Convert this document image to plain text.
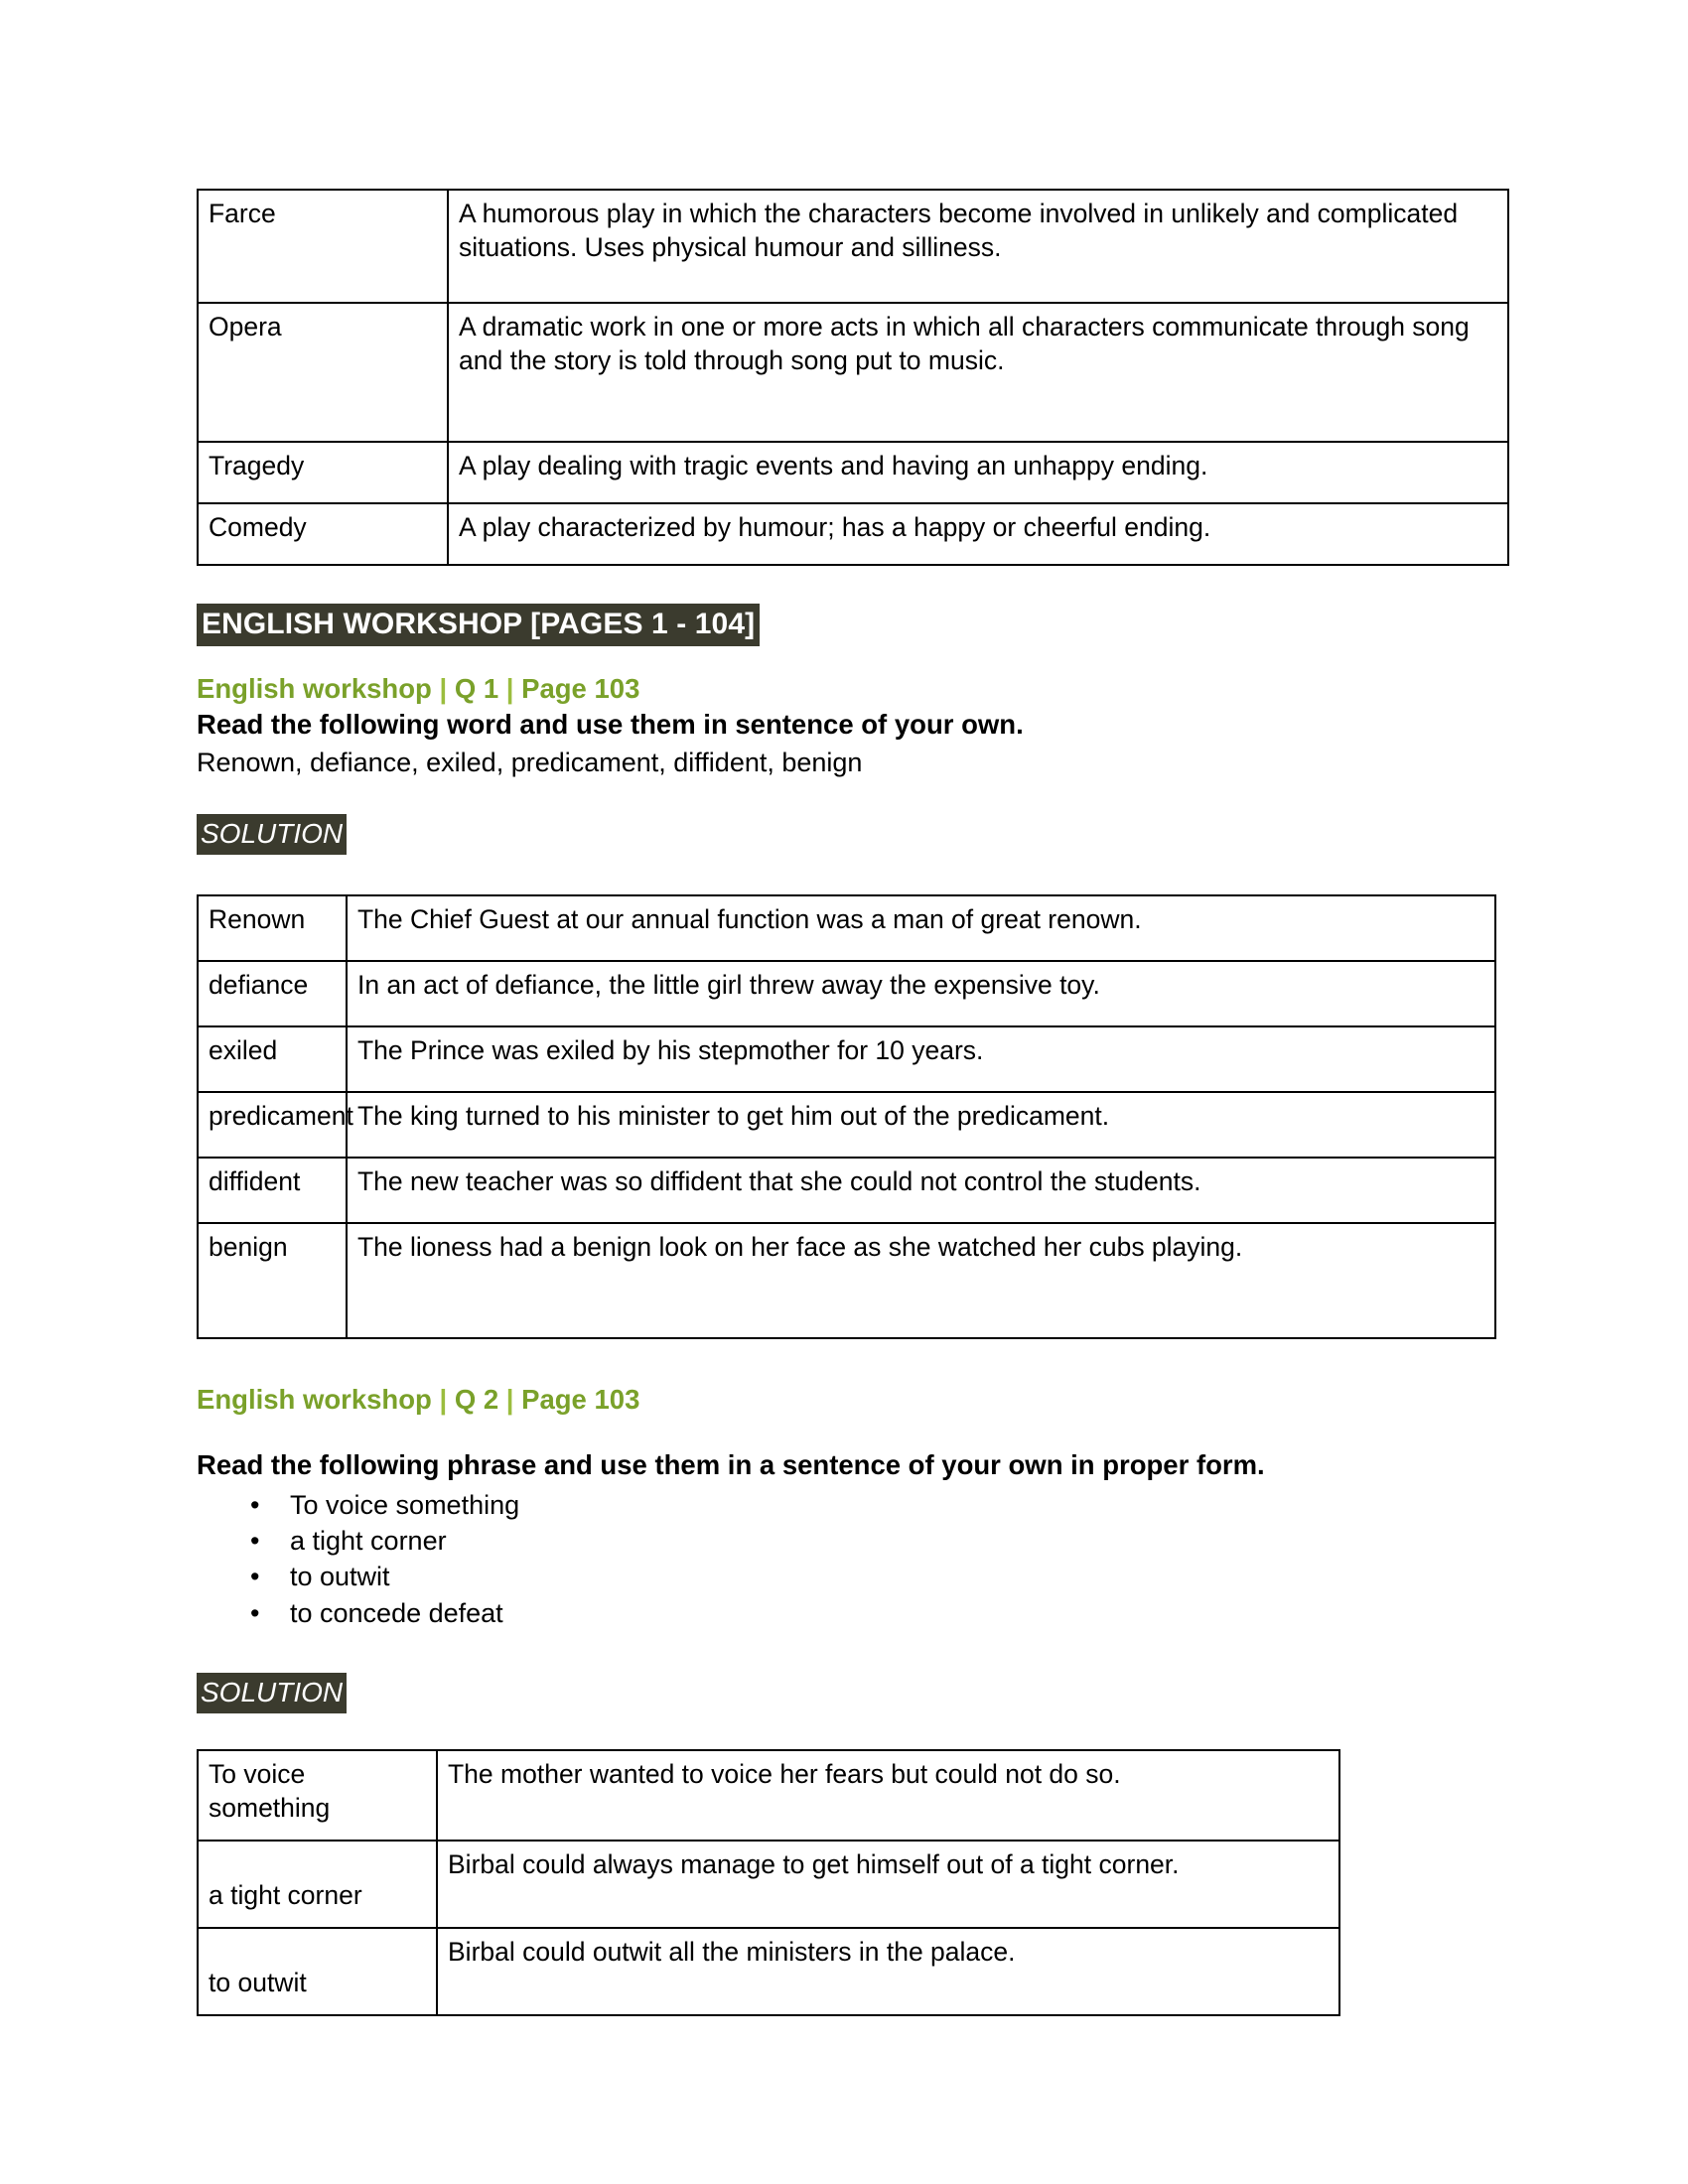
Farce	A humorous play in which the characters become involved in unlikely and complicated situations. Uses physical humour and silliness.
Opera	A dramatic work in one or more acts in which all characters communicate through song and the story is told through song put to music.
Tragedy	A play dealing with tragic events and having an unhappy ending.
Comedy	A play characterized by humour; has a happy or cheerful ending.
ENGLISH WORKSHOP [PAGES 1 - 104]

English workshop | Q 1 | Page 103

Read the following word and use them in sentence of your own.

Renown, defiance, exiled, predicament, diffident, benign

SOLUTION
Renown	The Chief Guest at our annual function was a man of great renown.
defiance	In an act of defiance, the little girl threw away the expensive toy.
exiled	The Prince was exiled by his stepmother for 10 years.
predicament	The king turned to his minister to get him out of the predicament.
diffident	The new teacher was so diffident that she could not control the students.
benign	The lioness had a benign look on her face as she watched her cubs playing.

English workshop | Q 2 | Page 103

Read the following phrase and use them in a sentence of your own in proper form.

• To voice something
• a tight corner
• to outwit
• to concede defeat
SOLUTION
To voice something	The mother wanted to voice her fears but could not do so.
a tight corner	Birbal could always manage to get himself out of a tight corner.
to outwit	Birbal could outwit all the ministers in the palace.
